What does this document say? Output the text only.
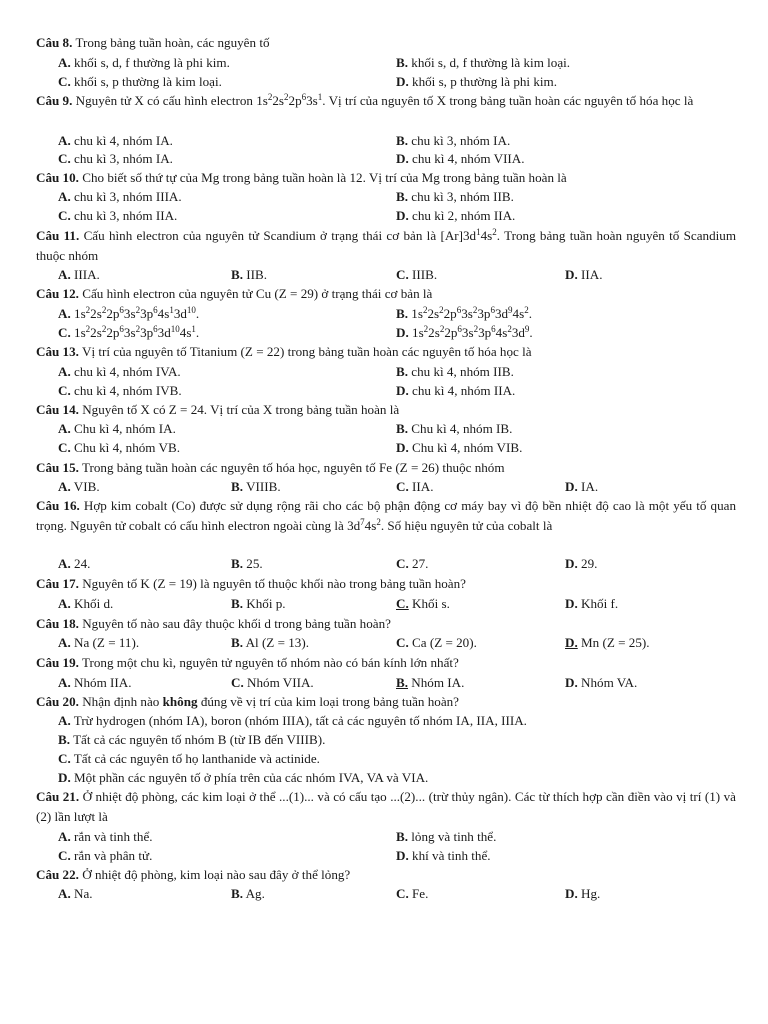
Câu 8. Trong bảng tuần hoàn, các nguyên tố
A. khối s, d, f thường là phi kim.	B. khối s, d, f thường là kim loại.
C. khối s, p thường là kim loại.	D. khối s, p thường là phi kim.
Câu 9. Nguyên tử X có cấu hình electron $1s^22s^22p^63s^1$. Vị trí của nguyên tố X trong bảng tuần hoàn các nguyên tố hóa học là
A. chu kì 4, nhóm IA.	B. chu kì 3, nhóm IA.
C. chu kì 3, nhóm IA.	D. chu kì 4, nhóm VIIA.
Câu 10. Cho biết số thứ tự của Mg trong bảng tuần hoàn là 12. Vị trí của Mg trong bảng tuần hoàn là
A. chu kì 3, nhóm IIIA.	B. chu kì 3, nhóm IIB.
C. chu kì 3, nhóm IIA.	D. chu kì 2, nhóm IIA.
Câu 11. Cấu hình electron của nguyên tử Scandium ở trạng thái cơ bản là $[Ar]3d^14s^2$. Trong bảng tuần hoàn nguyên tố Scandium thuộc nhóm
A. IIIA.	B. IIB.	C. IIIB.	D. IIA.
Câu 12. Cấu hình electron của nguyên tử Cu (Z = 29) ở trạng thái cơ bản là
A. $1s^22s^22p^63s^23p^64s^13d^{10}$.	B. $1s^22s^22p^63s^23p^63d^94s^2$.
C. $1s^22s^22p^63s^23p^63d^{10}4s^1$.	D. $1s^22s^22p^63s^23p^64s^23d^9$.
Câu 13. Vị trí của nguyên tố Titanium (Z = 22) trong bảng tuần hoàn các nguyên tố hóa học là
A. chu kì 4, nhóm IVA.	B. chu kì 4, nhóm IIB.
C. chu kì 4, nhóm IVB.	D. chu kì 4, nhóm IIA.
Câu 14. Nguyên tố X có Z = 24. Vị trí của X trong bảng tuần hoàn là
A. Chu kì 4, nhóm IA.	B. Chu kì 4, nhóm IB.
C. Chu kì 4, nhóm VB.	D. Chu kì 4, nhóm VIB.
Câu 15. Trong bảng tuần hoàn các nguyên tố hóa học, nguyên tố Fe (Z = 26) thuộc nhóm
A. VIB.	B. VIIIB.	C. IIA.	D. IA.
Câu 16. Hợp kim cobalt (Co) được sử dụng rộng rãi cho các bộ phận động cơ máy bay vì độ bền nhiệt độ cao là một yếu tố quan trọng. Nguyên tử cobalt có cấu hình electron ngoài cùng là $3d^74s^2$. Số hiệu nguyên tử của cobalt là
A. 24.	B. 25.	C. 27.	D. 29.
Câu 17. Nguyên tố K (Z = 19) là nguyên tố thuộc khối nào trong bảng tuần hoàn?
A. Khối d.	B. Khối p.	C. Khối s.	D. Khối f.
Câu 18. Nguyên tố nào sau đây thuộc khối d trong bảng tuần hoàn?
A. Na (Z = 11).	B. Al (Z = 13).	C. Ca (Z = 20).	D. Mn (Z = 25).
Câu 19. Trong một chu kì, nguyên tử nguyên tố nhóm nào có bán kính lớn nhất?
A. Nhóm IIA.	C. Nhóm VIIA.	B. Nhóm IA.	D. Nhóm VA.
Câu 20. Nhận định nào không đúng về vị trí của kim loại trong bảng tuần hoàn?
A. Trừ hydrogen (nhóm IA), boron (nhóm IIIA), tất cả các nguyên tố nhóm IA, IIA, IIIA.
B. Tất cả các nguyên tố nhóm B (từ IB đến VIIIB).
C. Tất cả các nguyên tố họ lanthanide và actinide.
D. Một phần các nguyên tố ở phía trên của các nhóm IVA, VA và VIA.
Câu 21. Ở nhiệt độ phòng, các kim loại ở thể ...(1)... và có cấu tạo ...(2)... (trừ thủy ngân). Các từ thích hợp cần điền vào vị trí (1) và (2) lần lượt là
A. rắn và tinh thể.	B. lỏng và tinh thể.
C. rắn và phân tử.	D. khí và tinh thể.
Câu 22. Ở nhiệt độ phòng, kim loại nào sau đây ở thể lỏng?
A. Na.	B. Ag.	C. Fe.	D. Hg.
